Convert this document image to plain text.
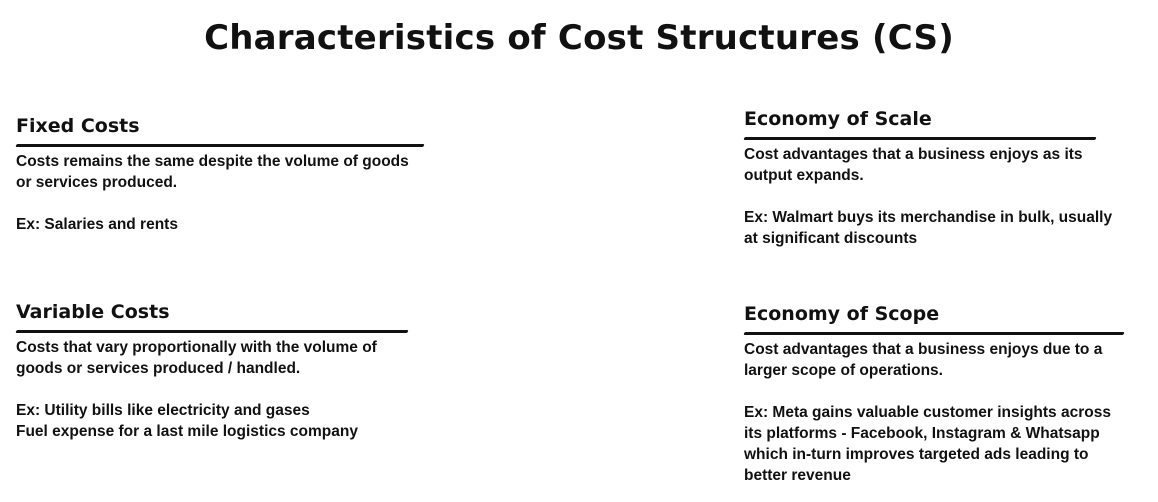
Characteristics of Cost Structures (CS)
Fixed Costs

Costs remains the same despite the volume of goods
or services produced.

Ex: Salaries and rents

Variable Costs

Costs that vary proportionally with the volume of
goods or services produced / handled.

Ex: Utility bills like electricity and gases
Fuel expense for a last mile logistics company

Economy of Scale

Cost advantages that a business enjoys as its
output expands.

Ex: Walmart buys its merchandise in bulk, usually
at significant discounts

Economy of Scope

Cost advantages that a business enjoys due to a
larger scope of operations.

Ex: Meta gains valuable customer insights across
its platforms - Facebook, Instagram & Whatsapp
which in-turn improves targeted ads leading to
better revenue
